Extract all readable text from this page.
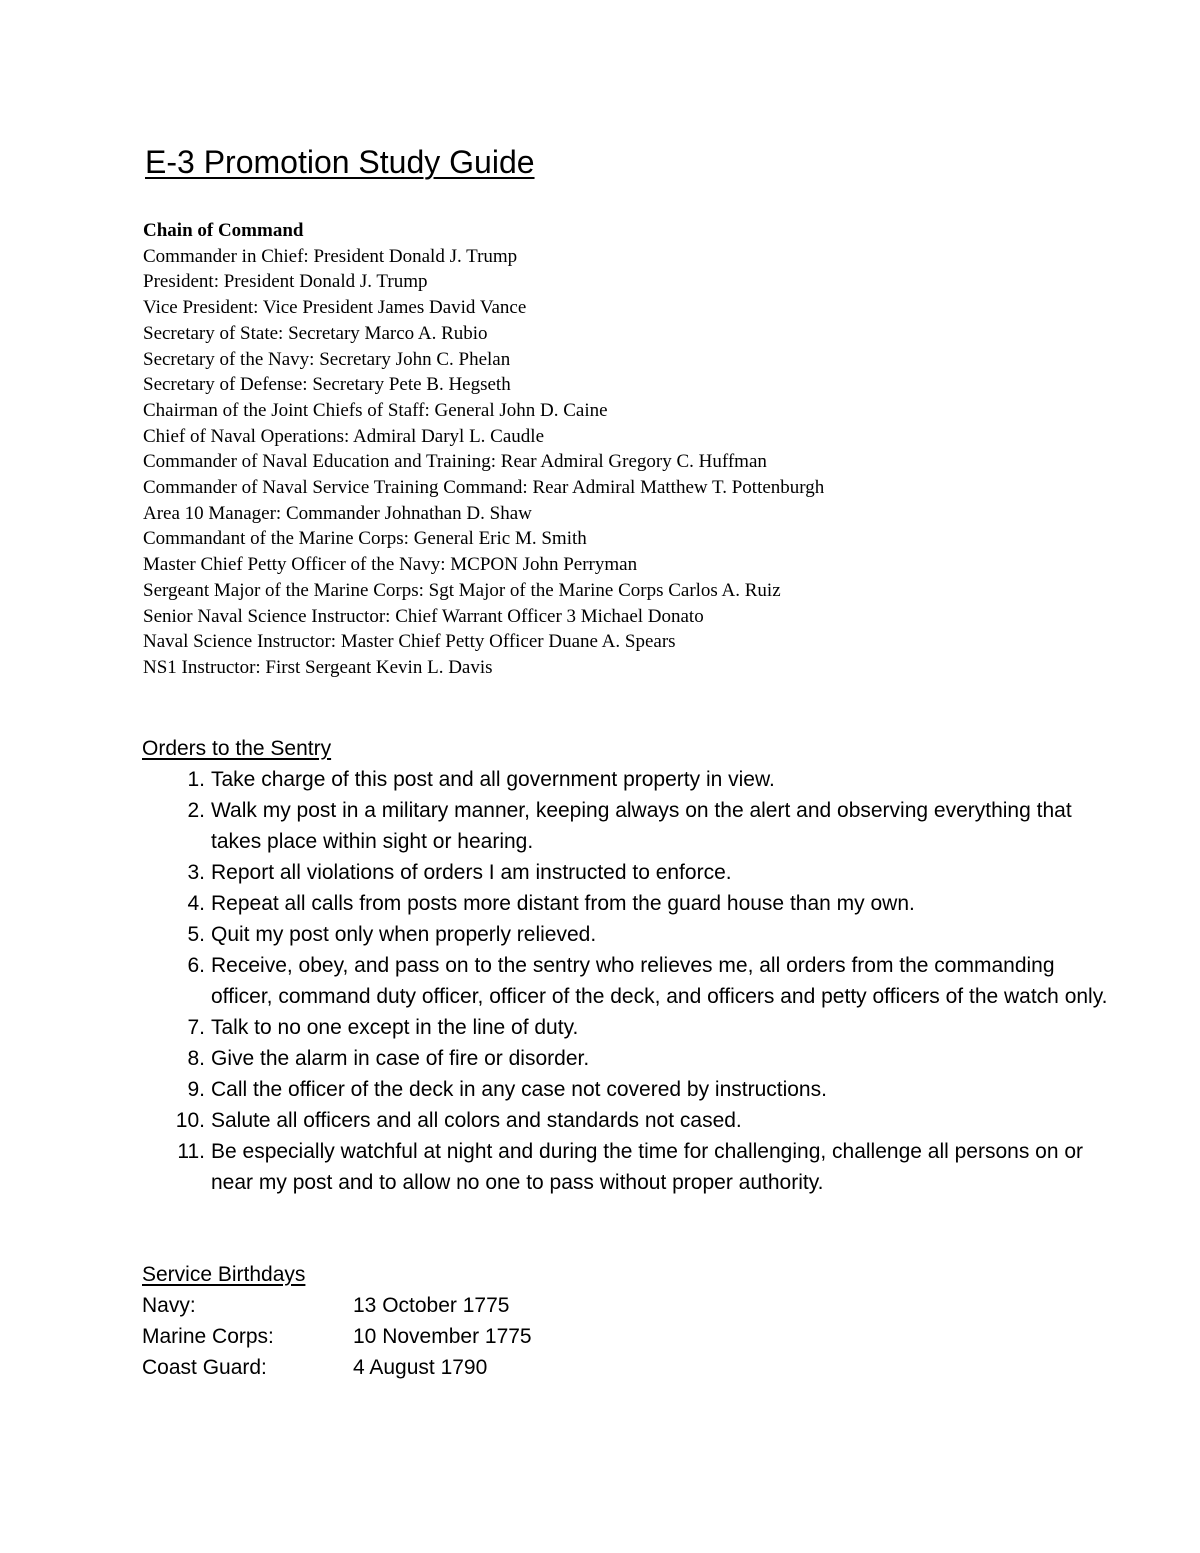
E-3 Promotion Study Guide
Chain of Command
Commander in Chief: President Donald J. Trump
President: President Donald J. Trump
Vice President: Vice President James David Vance
Secretary of State: Secretary Marco A. Rubio
Secretary of the Navy: Secretary John C. Phelan
Secretary of Defense: Secretary Pete B. Hegseth
Chairman of the Joint Chiefs of Staff: General John D. Caine
Chief of Naval Operations: Admiral Daryl L. Caudle
Commander of Naval Education and Training: Rear Admiral Gregory C. Huffman
Commander of Naval Service Training Command: Rear Admiral Matthew T. Pottenburgh
Area 10 Manager: Commander Johnathan D. Shaw
Commandant of the Marine Corps: General Eric M. Smith
Master Chief Petty Officer of the Navy: MCPON John Perryman
Sergeant Major of the Marine Corps: Sgt Major of the Marine Corps Carlos A. Ruiz
Senior Naval Science Instructor: Chief Warrant Officer 3 Michael Donato
Naval Science Instructor: Master Chief Petty Officer Duane A. Spears
NS1 Instructor: First Sergeant Kevin L. Davis
Orders to the Sentry
1. Take charge of this post and all government property in view.
2. Walk my post in a military manner, keeping always on the alert and observing everything that takes place within sight or hearing.
3. Report all violations of orders I am instructed to enforce.
4. Repeat all calls from posts more distant from the guard house than my own.
5. Quit my post only when properly relieved.
6. Receive, obey, and pass on to the sentry who relieves me, all orders from the commanding officer, command duty officer, officer of the deck, and officers and petty officers of the watch only.
7. Talk to no one except in the line of duty.
8. Give the alarm in case of fire or disorder.
9. Call the officer of the deck in any case not covered by instructions.
10. Salute all officers and all colors and standards not cased.
11. Be especially watchful at night and during the time for challenging, challenge all persons on or near my post and to allow no one to pass without proper authority.
Service Birthdays
Navy:	13 October 1775
Marine Corps:	10 November 1775
Coast Guard:	4 August 1790
